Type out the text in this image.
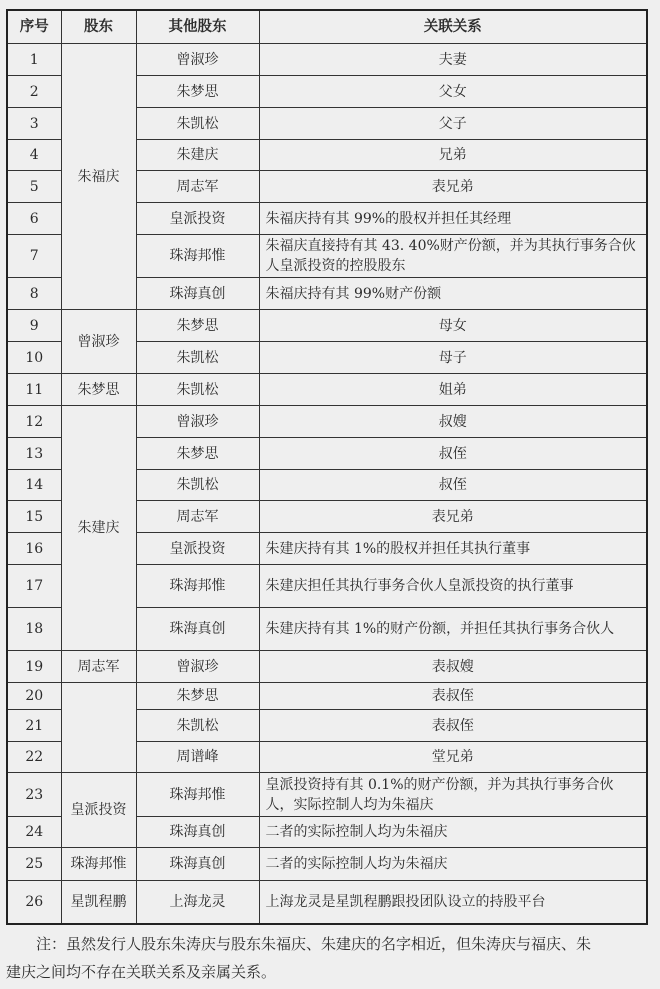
序号	股东	其他股东	关联关系
1	朱福庆	曾淑珍	夫妻
2		朱梦思	父女
3		朱凯松	父子
4		朱建庆	兄弟
5		周志军	表兄弟
6		皇派投资	朱福庆持有其 99%的股权并担任其经理
7		珠海邦惟	朱福庆直接持有其 43. 40%财产份额，并为其执行事务合伙人皇派投资的控股股东
8		珠海真创	朱福庆持有其 99%财产份额
9	曾淑珍	朱梦思	母女
10		朱凯松	母子
11	朱梦思	朱凯松	姐弟
12	朱建庆	曾淑珍	叔嫂
13		朱梦思	叔侄
14		朱凯松	叔侄
15		周志军	表兄弟
16		皇派投资	朱建庆持有其 1%的股权并担任其执行董事
17		珠海邦惟	朱建庆担任其执行事务合伙人皇派投资的执行董事
18		珠海真创	朱建庆持有其 1%的财产份额，并担任其执行事务合伙人
19	周志军	曾淑珍	表叔嫂
20		朱梦思	表叔侄
21		朱凯松	表叔侄
22		周谱峰	堂兄弟
23	皇派投资	珠海邦惟	皇派投资持有其 0.1%的财产份额，并为其执行事务合伙人，实际控制人均为朱福庆
24		珠海真创	二者的实际控制人均为朱福庆
25	珠海邦惟	珠海真创	二者的实际控制人均为朱福庆
26	星凯程鹏	上海龙灵	上海龙灵是星凯程鹏跟投团队设立的持股平台
注：虽然发行人股东朱涛庆与股东朱福庆、朱建庆的名字相近，但朱涛庆与福庆、朱
建庆之间均不存在关联关系及亲属关系。
